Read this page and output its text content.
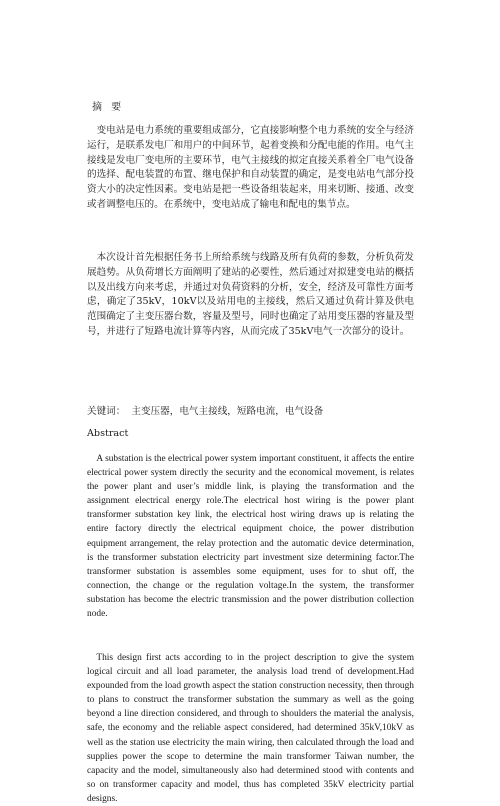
摘 要

变电站是电力系统的重要组成部分，它直接影响整个电力系统的安全与经济运行，是联系发电厂和用户的中间环节，起着变换和分配电能的作用。电气主接线是发电厂变电所的主要环节，电气主接线的拟定直接关系着全厂电气设备的选择、配电装置的布置、继电保护和自动装置的确定，是变电站电气部分投资大小的决定性因素。变电站是把一些设备组装起来，用来切断、接通、改变或者调整电压的。在系统中，变电站成了输电和配电的集节点。

本次设计首先根据任务书上所给系统与线路及所有负荷的参数，分析负荷发展趋势。从负荷增长方面阐明了建站的必要性，然后通过对拟建变电站的概括以及出线方向来考虑，并通过对负荷资料的分析，安全，经济及可靠性方面考虑，确定了35kV，10kV以及站用电的主接线，然后又通过负荷计算及供电范围确定了主变压器台数，容量及型号，同时也确定了站用变压器的容量及型号，并进行了短路电流计算等内容，从而完成了35kV电气一次部分的设计。

关键词： 主变压器，电气主接线，短路电流，电气设备
Abstract

A substation is the electrical power system important constituent, it affects the entire electrical power system directly the security and the economical movement, is relates the power plant and user’s middle link, is playing the transformation and the assignment electrical energy role.The electrical host wiring is the power plant transformer substation key link, the electrical host wiring draws up is relating the entire factory directly the electrical equipment choice, the power distribution equipment arrangement, the relay protection and the automatic device determination, is the transformer substation electricity part investment size determining factor.The transformer substation is assembles some equipment, uses for to shut off, the connection, the change or the regulation voltage.In the system, the transformer substation has become the electric transmission and the power distribution collection node.

This design first acts according to in the project description to give the system logical circuit and all load parameter, the analysis load trend of development.Had expounded from the load growth aspect the station construction necessity, then through to plans to construct the transformer substation the summary as well as the going beyond a line direction considered, and through to shoulders the material the analysis, safe, the economy and the reliable aspect considered, had determined 35kV,10kV as well as the station use electricity the main wiring, then calculated through the load and supplies power the scope to determine the main transformer Taiwan number, the capacity and the model, simultaneously also had determined stood with contents and so on transformer capacity and model, thus has completed 35kV electricity partial designs.
